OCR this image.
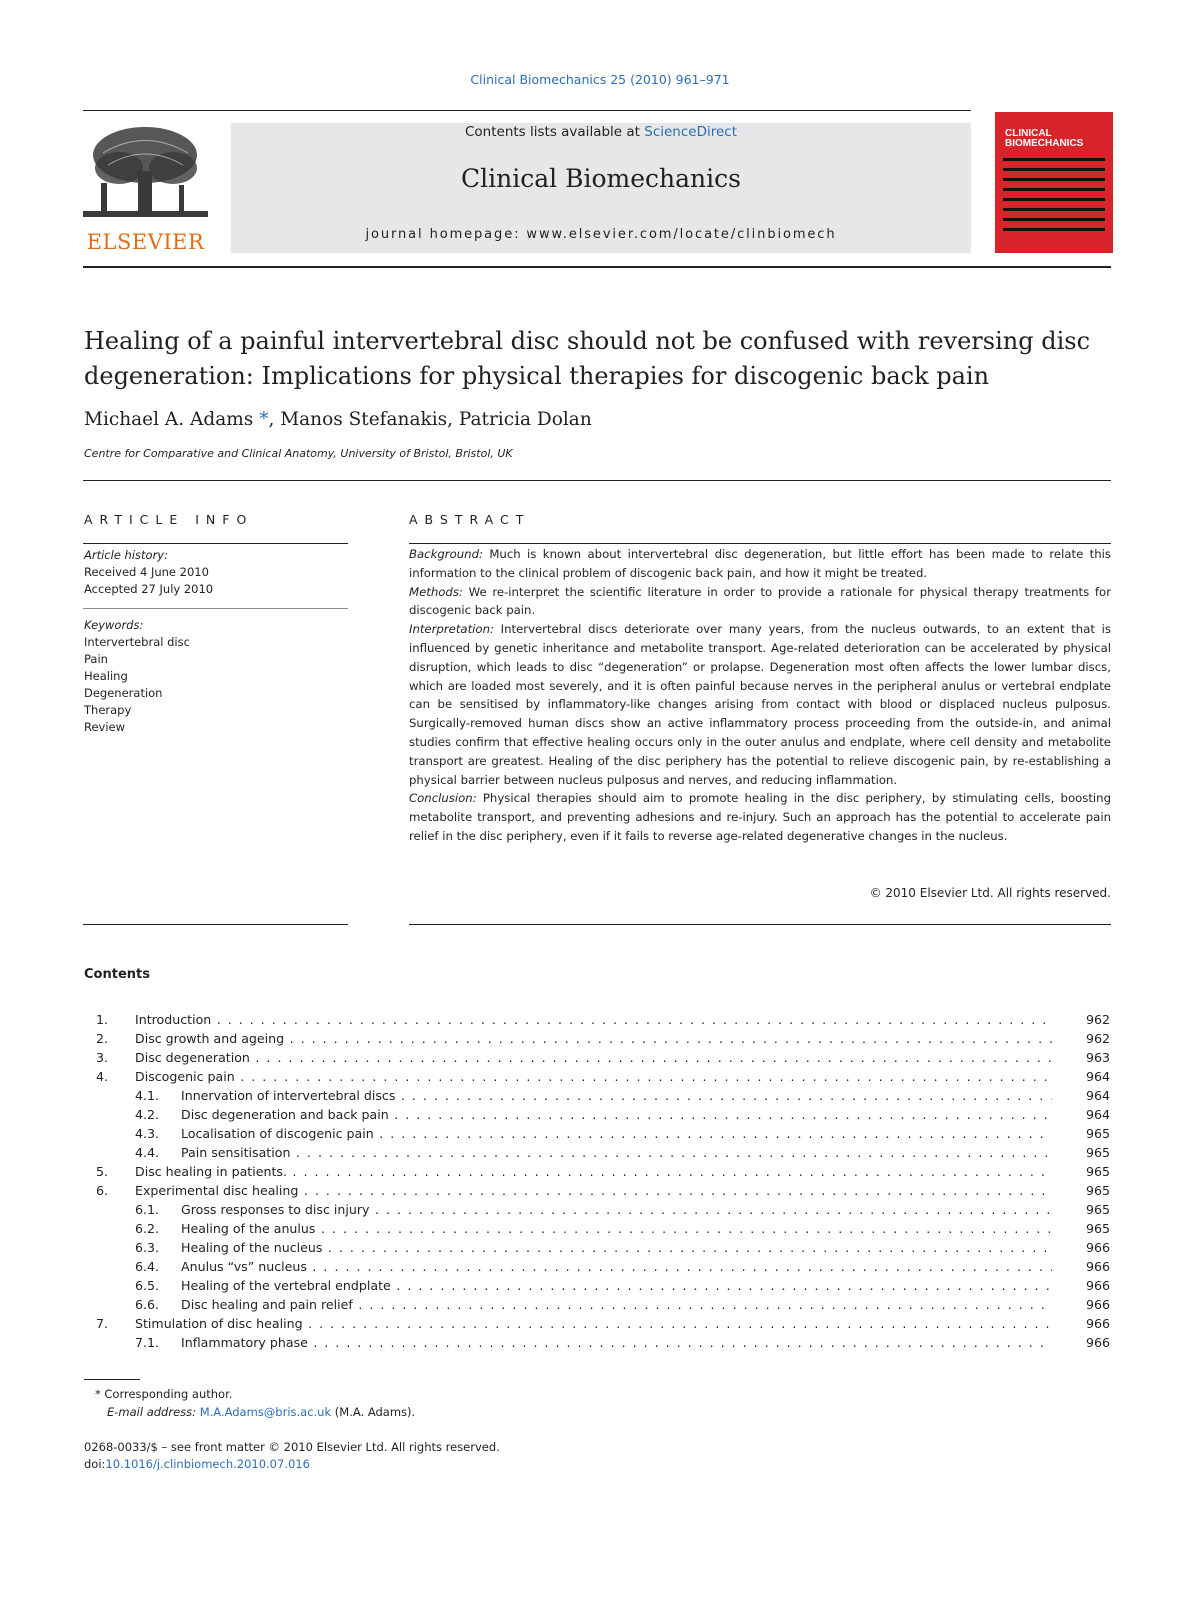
Clinical Biomechanics 25 (2010) 961–971
ELSEVIER
Contents lists available at ScienceDirect
Clinical Biomechanics
journal homepage: www.elsevier.com/locate/clinbiomech
CLINICAL
BIOMECHANICS
Healing of a painful intervertebral disc should not be confused with reversing disc
degeneration: Implications for physical therapies for discogenic back pain
Michael A. Adams *, Manos Stefanakis, Patricia Dolan
Centre for Comparative and Clinical Anatomy, University of Bristol, Bristol, UK
ARTICLE INFO
Article history:
Received 4 June 2010
Accepted 27 July 2010
Keywords:
Intervertebral disc
Pain
Healing
Degeneration
Therapy
Review
ABSTRACT

Background: Much is known about intervertebral disc degeneration, but little effort has been made to relate this information to the clinical problem of discogenic back pain, and how it might be treated.

Methods: We re-interpret the scientific literature in order to provide a rationale for physical therapy treatments for discogenic back pain.

Interpretation: Intervertebral discs deteriorate over many years, from the nucleus outwards, to an extent that is influenced by genetic inheritance and metabolite transport. Age-related deterioration can be accelerated by physical disruption, which leads to disc “degeneration” or prolapse. Degeneration most often affects the lower lumbar discs, which are loaded most severely, and it is often painful because nerves in the peripheral anulus or vertebral endplate can be sensitised by inflammatory-like changes arising from contact with blood or displaced nucleus pulposus. Surgically-removed human discs show an active inflammatory process proceeding from the outside-in, and animal studies confirm that effective healing occurs only in the outer anulus and endplate, where cell density and metabolite transport are greatest. Healing of the disc periphery has the potential to relieve discogenic pain, by re-establishing a physical barrier between nucleus pulposus and nerves, and reducing inflammation.

Conclusion: Physical therapies should aim to promote healing in the disc periphery, by stimulating cells, boosting metabolite transport, and preventing adhesions and re-injury. Such an approach has the potential to accelerate pain relief in the disc periphery, even if it fails to reverse age-related degenerative changes in the nucleus.

© 2010 Elsevier Ltd. All rights reserved.
Contents
1. Introduction . . .	962
2. Disc growth and ageing . . .	962
3. Disc degeneration . . .	963
4. Discogenic pain . . .	964
4.1. Innervation of intervertebral discs . . .	964
4.2. Disc degeneration and back pain . . .	964
4.3. Localisation of discogenic pain . . .	965
4.4. Pain sensitisation . . .	965
5. Disc healing in patients. . . .	965
6. Experimental disc healing . . .	965
6.1. Gross responses to disc injury . . .	965
6.2. Healing of the anulus . . .	965
6.3. Healing of the nucleus . . .	966
6.4. Anulus “vs” nucleus . . .	966
6.5. Healing of the vertebral endplate . . .	966
6.6. Disc healing and pain relief . . .	966
7. Stimulation of disc healing . . .	966
7.1. Inflammatory phase . . .	966
* Corresponding author.
E-mail address: M.A.Adams@bris.ac.uk (M.A. Adams).
0268-0033/$ – see front matter © 2010 Elsevier Ltd. All rights reserved.
doi:10.1016/j.clinbiomech.2010.07.016
